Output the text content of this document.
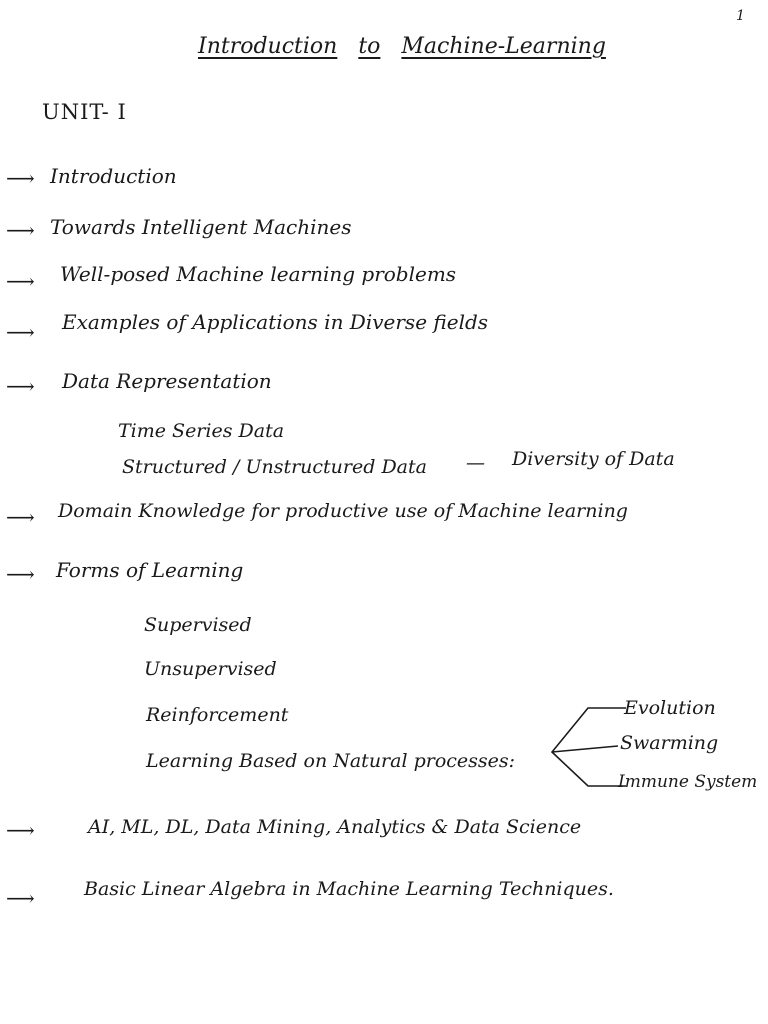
1
Introduction to Machine-Learning
UNIT- I
⟶ Introduction
⟶ Towards Intelligent Machines
⟶ Well-posed Machine learning problems
⟶ Examples of Applications in Diverse fields
⟶ Data Representation
Time Series Data
Structured / Unstructured Data — Diversity of Data
⟶ Domain Knowledge for productive use of Machine learning
⟶ Forms of Learning
Supervised
Unsupervised
Reinforcement
Learning Based on Natural processes:
Evolution
Swarming
Immune System
⟶	AI, ML, DL, Data Mining, Analytics & Data Science
⟶	Basic Linear Algebra in Machine Learning Techniques.
